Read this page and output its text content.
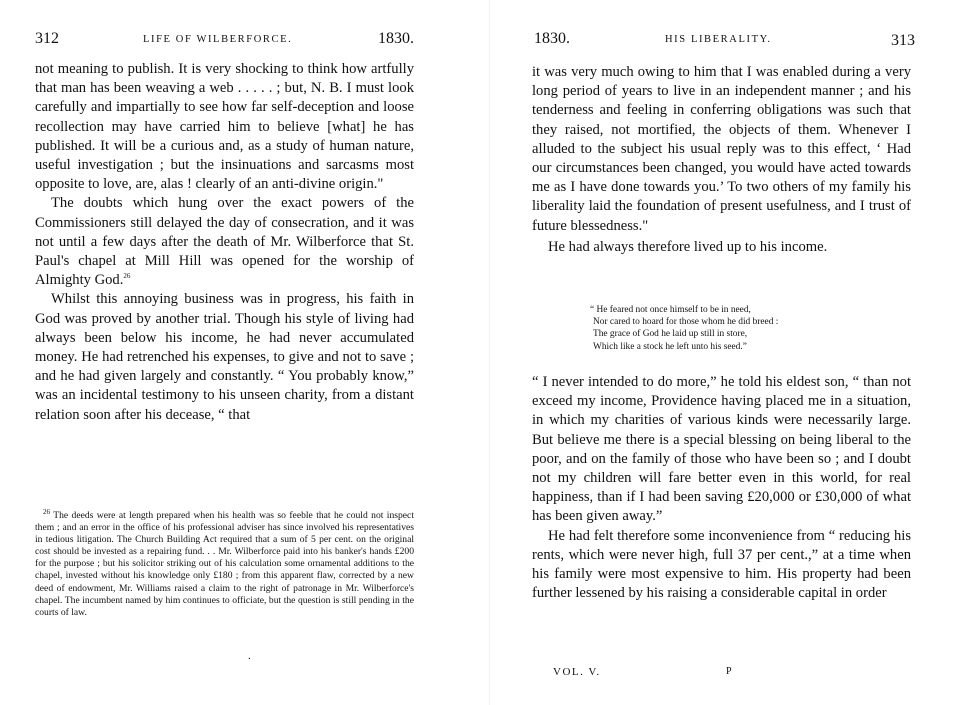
312	LIFE OF WILBERFORCE.	1830.

not meaning to publish. It is very shocking to think how artfully that man has been weaving a web . . . . . ; but, N. B. I must look carefully and impartially to see how far self-deception and loose recollection may have carried him to believe [what] he has published. It will be a curious and, as a study of human nature, useful investigation ; but the insinuations and sarcasms most opposite to love, are, alas ! clearly of an anti-divine origin."

The doubts which hung over the exact powers of the Commissioners still delayed the day of consecration, and it was not until a few days after the death of Mr. Wilberforce that St. Paul's chapel at Mill Hill was opened for the worship of Almighty God.$^{26}$

Whilst this annoying business was in progress, his faith in God was proved by another trial. Though his style of living had always been below his income, he had never accumulated money. He had retrenched his expenses, to give and not to save ; and he had given largely and constantly. “ You probably know,” was an incidental testimony to his unseen charity, from a distant relation soon after his decease, “ that

$^{26}$ The deeds were at length prepared when his health was so feeble that he could not inspect them ; and an error in the office of his professional adviser has since involved his representatives in tedious litigation. The Church Building Act required that a sum of 5 per cent. on the original cost should be invested as a repairing fund. . . Mr. Wilberforce paid into his banker's hands £200 for the purpose ; but his solicitor striking out of his calculation some ornamental additions to the chapel, invested without his knowledge only £180 ; from this apparent flaw, corrected by a new deed of endowment, Mr. Williams raised a claim to the right of patronage in Mr. Wilberforce's chapel. The incumbent named by him continues to officiate, but the question is still pending in the courts of law.

.
1830.	HIS LIBERALITY.	313

it was very much owing to him that I was enabled during a very long period of years to live in an independent manner ; and his tenderness and feeling in conferring obligations was such that they raised, not mortified, the objects of them. Whenever I alluded to the subject his usual reply was to this effect, ‘ Had our circumstances been changed, you would have acted towards me as I have done towards you.’ To two others of my family his liberality laid the foundation of present usefulness, and I trust of future blessedness."

He had always therefore lived up to his income.

“ He feared not once himself to be in need,
Nor cared to hoard for those whom he did breed :
The grace of God he laid up still in store,
Which like a stock he left unto his seed.”

“ I never intended to do more,” he told his eldest son, “ than not exceed my income, Providence having placed me in a situation, in which my charities of various kinds were necessarily large. But believe me there is a special blessing on being liberal to the poor, and on the family of those who have been so ; and I doubt not my children will fare better even in this world, for real happiness, than if I had been saving £20,000 or £30,000 of what has been given away.”

He had felt therefore some inconvenience from “ reducing his rents, which were never high, full 37 per cent.,” at a time when his family were most expensive to him. His property had been further lessened by his raising a considerable capital in order

VOL. V.	P
